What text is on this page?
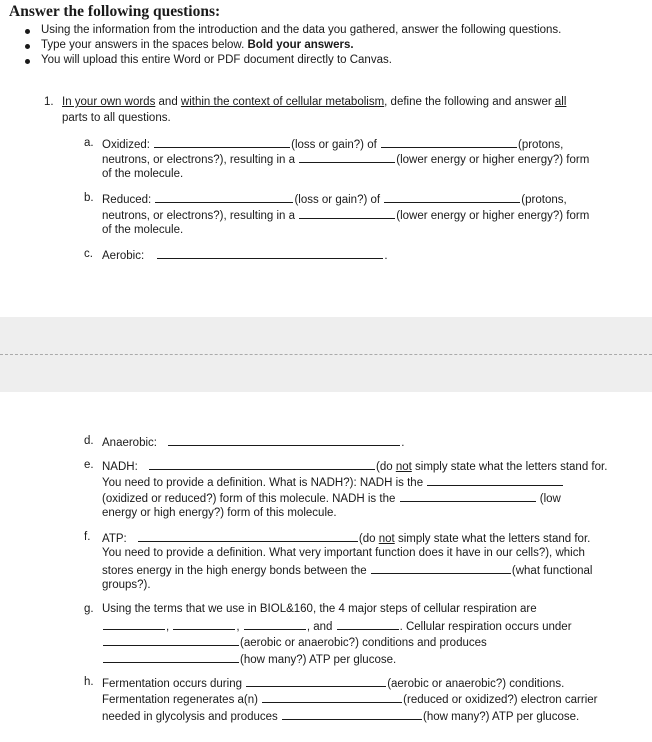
Answer the following questions:
Using the information from the introduction and the data you gathered, answer the following questions.
Type your answers in the spaces below. Bold your answers.
You will upload this entire Word or PDF document directly to Canvas.
1. In your own words and within the context of cellular metabolism, define the following and answer all
parts to all questions.
a. Oxidized:	(loss or gain?) of	(protons,
neutrons, or electrons?), resulting in a	(lower energy or higher energy?) form
of the molecule.
b. Reduced:	(loss or gain?) of	(protons,
neutrons, or electrons?), resulting in a	(lower energy or higher energy?) form
of the molecule.
c. Aerobic:	.
d. Anaerobic:	.
e. NADH:	(do not simply state what the letters stand for.
You need to provide a definition. What is NADH?): NADH is the
(oxidized or reduced?) form of this molecule. NADH is the	(low
energy or high energy?) form of this molecule.
f. ATP:	(do not simply state what the letters stand for.
You need to provide a definition. What very important function does it have in our cells?), which
stores energy in the high energy bonds between the	(what functional
groups?).
g. Using the terms that we use in BIOL&160, the 4 major steps of cellular respiration are
,	,	, and	. Cellular respiration occurs under
(aerobic or anaerobic?) conditions and produces
(how many?) ATP per glucose.
h. Fermentation occurs during	(aerobic or anaerobic?) conditions.
Fermentation regenerates a(n)	(reduced or oxidized?) electron carrier
needed in glycolysis and produces	(how many?) ATP per glucose.
